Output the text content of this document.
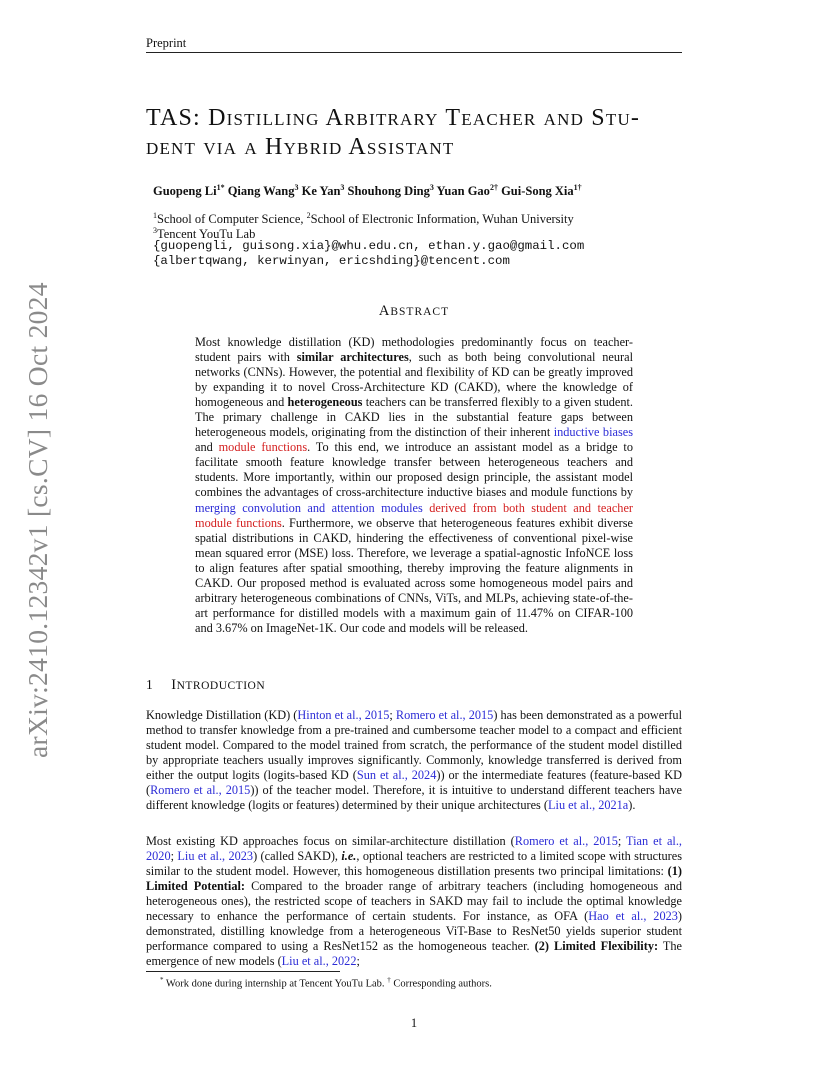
Preprint
arXiv:2410.12342v1 [cs.CV] 16 Oct 2024
TAS: Distilling Arbitrary Teacher and Stu-
dent via a Hybrid Assistant
Guopeng $Li^{1*}$ Qiang Wang$^3$ Ke Yan$^3$ Shouhong Ding$^3$ Yuan Gao$^{2\dagger}$ Gui-Song Xia$^{1\dagger}$
$^1$School of Computer Science, $^2$School of Electronic Information, Wuhan University
$^3$Tencent YouTu Lab
{guopengli, guisong.xia}@whu.edu.cn, ethan.y.gao@gmail.com
{albertqwang, kerwinyan, ericshding}@tencent.com
ABSTRACT
Most knowledge distillation (KD) methodologies predominantly focus on teacher-student pairs with similar architectures, such as both being convolutional neural networks (CNNs). However, the potential and flexibility of KD can be greatly improved by expanding it to novel Cross-Architecture KD (CAKD), where the knowledge of homogeneous and heterogeneous teachers can be transferred flexibly to a given student. The primary challenge in CAKD lies in the substantial feature gaps between heterogeneous models, originating from the distinction of their inherent inductive biases and module functions. To this end, we introduce an assistant model as a bridge to facilitate smooth feature knowledge transfer between heterogeneous teachers and students. More importantly, within our proposed design principle, the assistant model combines the advantages of cross-architecture inductive biases and module functions by merging convolution and attention modules derived from both student and teacher module functions. Furthermore, we observe that heterogeneous features exhibit diverse spatial distributions in CAKD, hindering the effectiveness of conventional pixel-wise mean squared error (MSE) loss. Therefore, we leverage a spatial-agnostic InfoNCE loss to align features after spatial smoothing, thereby improving the feature alignments in CAKD. Our proposed method is evaluated across some homogeneous model pairs and arbitrary heterogeneous combinations of CNNs, ViTs, and MLPs, achieving state-of-the-art performance for distilled models with a maximum gain of 11.47% on CIFAR-100 and 3.67% on ImageNet-1K. Our code and models will be released.
1 INTRODUCTION
Knowledge Distillation (KD) (Hinton et al., 2015; Romero et al., 2015) has been demonstrated as a powerful method to transfer knowledge from a pre-trained and cumbersome teacher model to a compact and efficient student model. Compared to the model trained from scratch, the performance of the student model distilled by appropriate teachers usually improves significantly. Commonly, knowledge transferred is derived from either the output logits (logits-based KD (Sun et al., 2024)) or the intermediate features (feature-based KD (Romero et al., 2015)) of the teacher model. Therefore, it is intuitive to understand different teachers have different knowledge (logits or features) determined by their unique architectures (Liu et al., 2021a).
Most existing KD approaches focus on similar-architecture distillation (Romero et al., 2015; Tian et al., 2020; Liu et al., 2023) (called SAKD), i.e., optional teachers are restricted to a limited scope with structures similar to the student model. However, this homogeneous distillation presents two principal limitations: (1) Limited Potential: Compared to the broader range of arbitrary teachers (including homogeneous and heterogeneous ones), the restricted scope of teachers in SAKD may fail to include the optimal knowledge necessary to enhance the performance of certain students. For instance, as OFA (Hao et al., 2023) demonstrated, distilling knowledge from a heterogeneous ViT-Base to ResNet50 yields superior student performance compared to using a ResNet152 as the homogeneous teacher. (2) Limited Flexibility: The emergence of new models (Liu et al., 2022;
* Work done during internship at Tencent YouTu Lab. † Corresponding authors.
1
